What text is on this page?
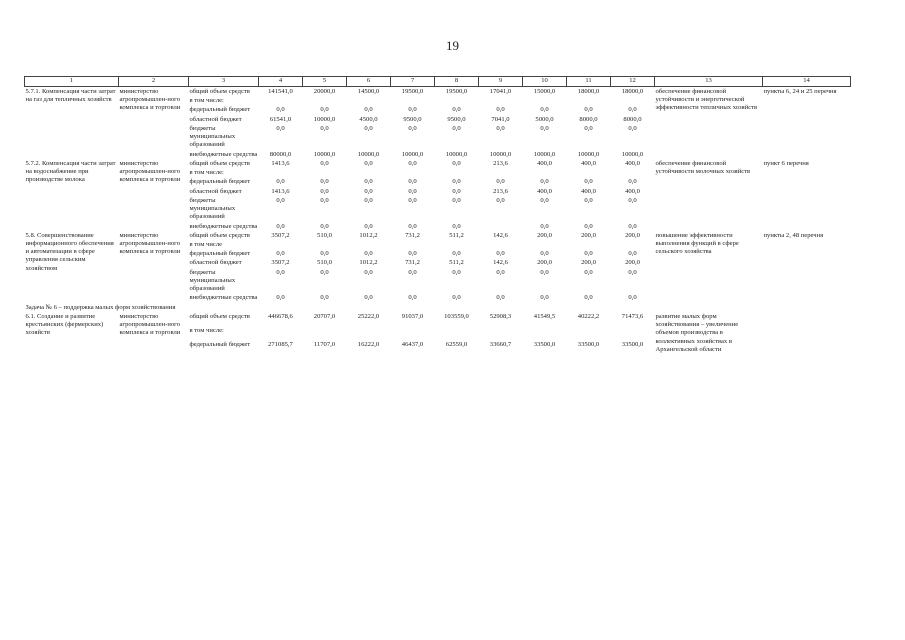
19
1	2	3	4	5	6	7	8	9	10	11	12	13	14
5.7.1. Компенсация части затрат на газ для тепличных хозяйств	министерство агропромышлен-ного комплекса и торговли	общий объем средств	141541,0	20000,0	14500,0	19500,0	19500,0	17041,0	15000,0	18000,0	18000,0	обеспечение финансовой устойчивости и энергетической эффективности тепличных хозяйств	пункты 6, 24 и 25 перечня
		в том числе:											
		федеральный бюджет	0,0	0,0	0,0	0,0	0,0	0,0	0,0	0,0	0,0		
		областной бюджет	61541,0	10000,0	4500,0	9500,0	9500,0	7041,0	5000,0	8000,0	8000,0		
		бюджеты муниципальных образований	0,0	0,0	0,0	0,0	0,0	0,0	0,0	0,0	0,0		
		внебюджетные средства	80000,0	10000,0	10000,0	10000,0	10000,0	10000,0	10000,0	10000,0	10000,0		
5.7.2. Компенсация части затрат на водоснабжение при производстве молока	министерство агропромышлен-ного комплекса и торговли	общий объем средств	1413,6	0,0	0,0	0,0	0,0	213,6	400,0	400,0	400,0	обеспечение финансовой устойчивости молочных хозяйств	пункт 6 перечня
		в том числе:											
		федеральный бюджет	0,0	0,0	0,0	0,0	0,0	0,0	0,0	0,0	0,0		
		областной бюджет	1413,6	0,0	0,0	0,0	0,0	213,6	400,0	400,0	400,0		
		бюджеты муниципальных образований	0,0	0,0	0,0	0,0	0,0	0,0	0,0	0,0	0,0		
		внебюджетные средства	0,0	0,0	0,0	0,0	0,0		0,0	0,0	0,0		
5.8. Совершенствование информационного обеспечения и автоматизации в сфере управления сельским хозяйством	министерство агропромышлен-ного комплекса и торговли	общий объем средств	3507,2	510,0	1012,2	731,2	511,2	142,6	200,0	200,0	200,0	повышение эффективности выполнения функций в сфере сельского хозяйства	пункты 2, 48 перечня
		в том числе											
		федеральный бюджет	0,0	0,0	0,0	0,0	0,0	0,0	0,0	0,0	0,0		
		областной бюджет	3507,2	510,0	1012,2	731,2	511,2	142,6	200,0	200,0	200,0		
		бюджеты муниципальных образований	0,0	0,0	0,0	0,0	0,0	0,0	0,0	0,0	0,0		
		внебюджетные средства	0,0	0,0	0,0	0,0	0,0	0,0	0,0	0,0	0,0		
Задача № 6 – поддержка малых форм хозяйствования													
6.1. Создание и развитие крестьянских (фермерских) хозяйств	министерство агропромышлен-ного комплекса и торговли	общий объем средств	446678,6	20707,0	25222,0	91037,0	103559,0	52908,3	41549,5	40222,2	71473,6	развитие малых форм хозяйствования – увеличение объемов производства в коллективных хозяйствах в Архангельской области	
		в том числе:											
		федеральный бюджет	271085,7	11707,0	16222,0	46437,0	62559,0	33660,7	33500,0	33500,0	33500,0		
